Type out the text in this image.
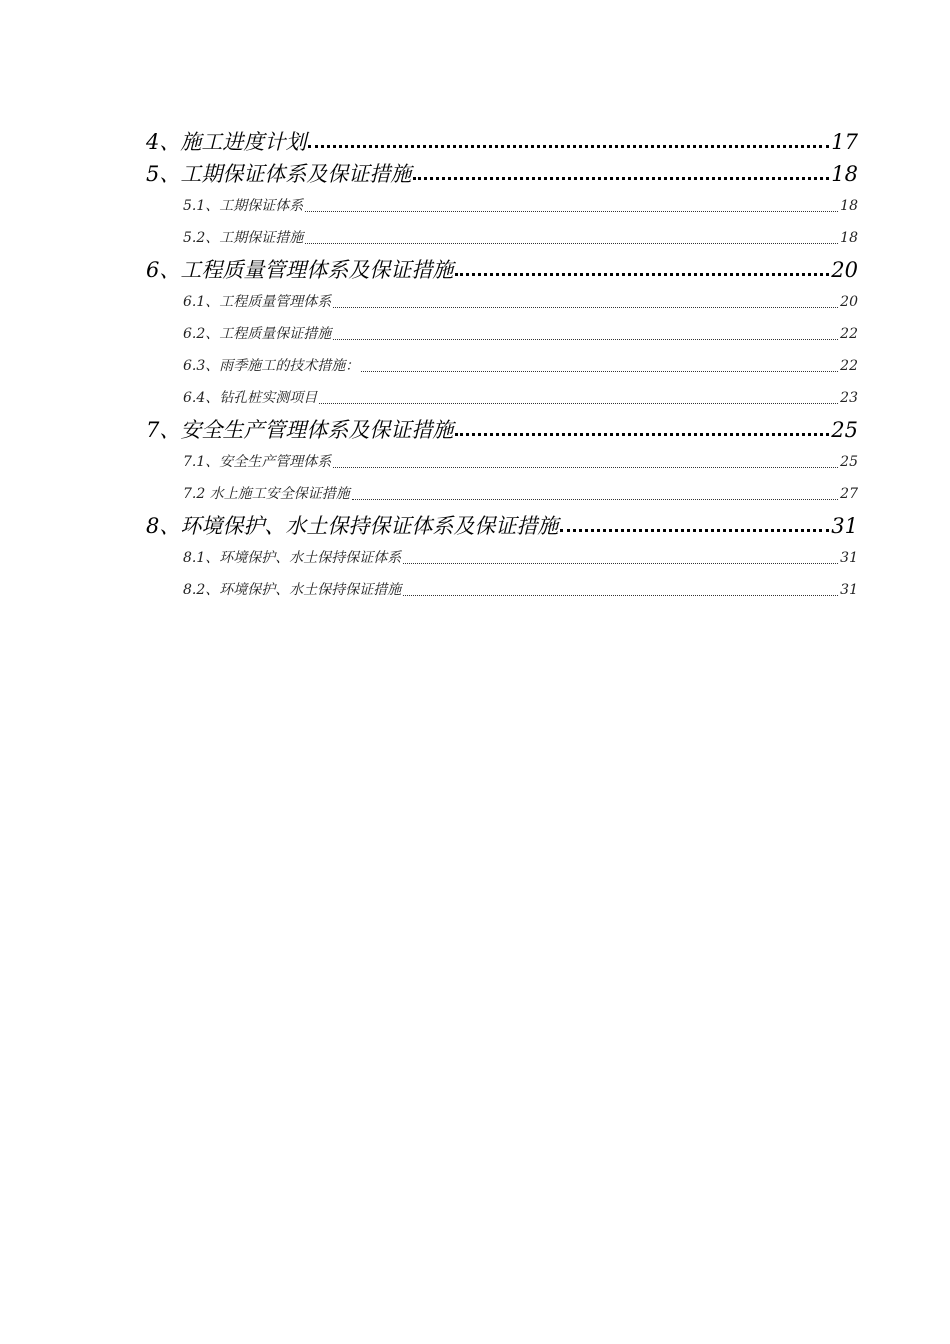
4、施工进度计划	17
5、工期保证体系及保证措施	18
5.1、工期保证体系	18
5.2、工期保证措施	18
6、工程质量管理体系及保证措施	20
6.1、工程质量管理体系	20
6.2、工程质量保证措施	22
6.3、雨季施工的技术措施：	22
6.4、钻孔桩实测项目	23
7、安全生产管理体系及保证措施	25
7.1、安全生产管理体系	25
7.2 水上施工安全保证措施	27
8、环境保护、水土保持保证体系及保证措施	31
8.1、环境保护、水土保持保证体系	31
8.2、环境保护、水土保持保证措施	31
